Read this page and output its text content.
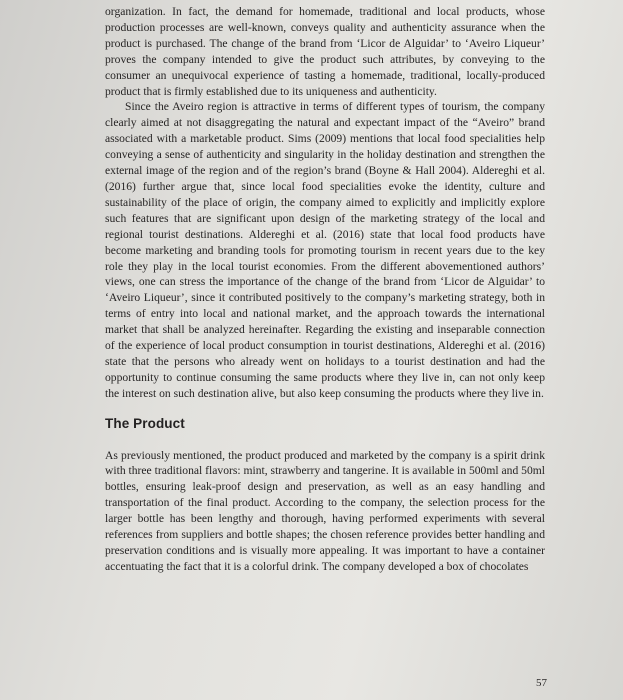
organization. In fact, the demand for homemade, traditional and local products, whose production processes are well-known, conveys quality and authenticity assurance when the product is purchased. The change of the brand from ‘Licor de Alguidar’ to ‘Aveiro Liqueur’ proves the company intended to give the product such attributes, by conveying to the consumer an unequivocal experience of tasting a homemade, traditional, locally-produced product that is firmly established due to its uniqueness and authenticity.

Since the Aveiro region is attractive in terms of different types of tourism, the company clearly aimed at not disaggregating the natural and expectant impact of the “Aveiro” brand associated with a marketable product. Sims (2009) mentions that local food specialities help conveying a sense of authenticity and singularity in the holiday destination and strengthen the external image of the region and of the region’s brand (Boyne & Hall 2004). Aldereghi et al. (2016) further argue that, since local food specialities evoke the identity, culture and sustainability of the place of origin, the company aimed to explicitly and implicitly explore such features that are significant upon design of the marketing strategy of the local and regional tourist destinations. Aldereghi et al. (2016) state that local food products have become marketing and branding tools for promoting tourism in recent years due to the key role they play in the local tourist economies. From the different abovementioned authors’ views, one can stress the importance of the change of the brand from ‘Licor de Alguidar’ to ‘Aveiro Liqueur’, since it contributed positively to the company’s marketing strategy, both in terms of entry into local and national market, and the approach towards the international market that shall be analyzed hereinafter. Regarding the existing and inseparable connection of the experience of local product consumption in tourist destinations, Aldereghi et al. (2016) state that the persons who already went on holidays to a tourist destination and had the opportunity to continue consuming the same products where they live in, can not only keep the interest on such destination alive, but also keep consuming the products where they live in.

The Product

As previously mentioned, the product produced and marketed by the company is a spirit drink with three traditional flavors: mint, strawberry and tangerine. It is available in 500ml and 50ml bottles, ensuring leak-proof design and preservation, as well as an easy handling and transportation of the final product. According to the company, the selection process for the larger bottle has been lengthy and thorough, having performed experiments with several references from suppliers and bottle shapes; the chosen reference provides better handling and preservation conditions and is visually more appealing. It was important to have a container accentuating the fact that it is a colorful drink. The company developed a box of chocolates

57
